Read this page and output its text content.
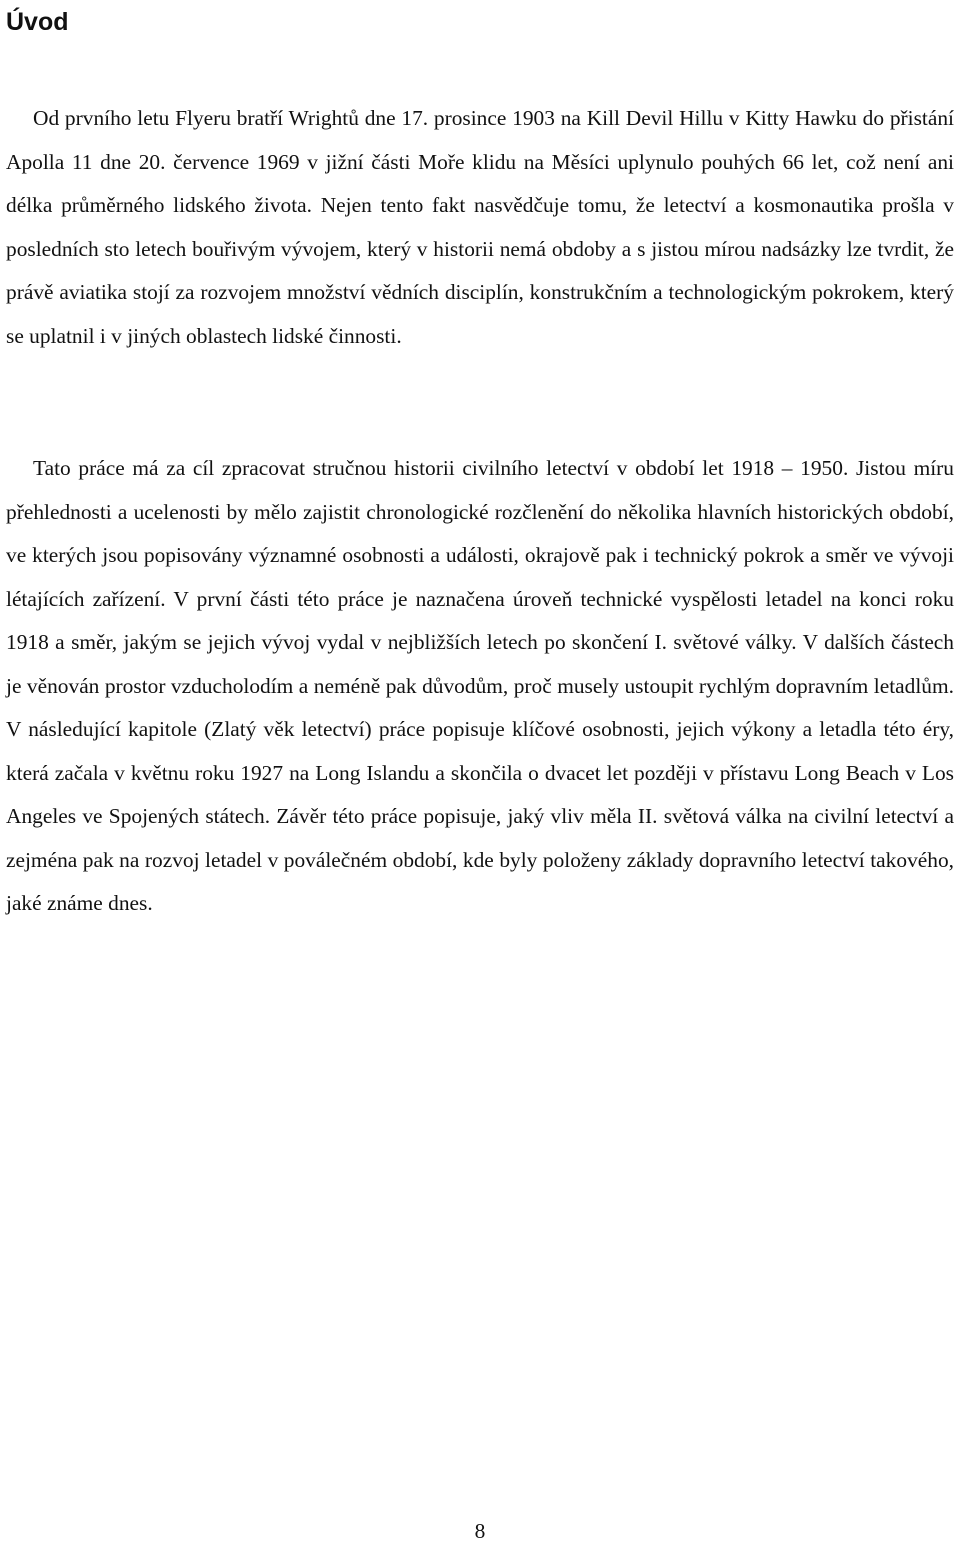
Úvod

Od prvního letu Flyeru bratří Wrightů dne 17. prosince 1903 na Kill Devil Hillu v Kitty Hawku do přistání Apolla 11 dne 20. července 1969 v jižní části Moře klidu na Měsíci uplynulo pouhých 66 let, což není ani délka průměrného lidského života. Nejen tento fakt nasvědčuje tomu, že letectví a kosmonautika prošla v posledních sto letech bouřivým vývojem, který v historii nemá obdoby a s jistou mírou nadsázky lze tvrdit, že právě aviatika stojí za rozvojem množství vědních disciplín, konstrukčním a technologickým pokrokem, který se uplatnil i v jiných oblastech lidské činnosti.

Tato práce má za cíl zpracovat stručnou historii civilního letectví v období let 1918 – 1950. Jistou míru přehlednosti a ucelenosti by mělo zajistit chronologické rozčlenění do několika hlavních historických období, ve kterých jsou popisovány významné osobnosti a události, okrajově pak i technický pokrok a směr ve vývoji létajících zařízení. V první části této práce je naznačena úroveň technické vyspělosti letadel na konci roku 1918 a směr, jakým se jejich vývoj vydal v nejbližších letech po skončení I. světové války. V dalších částech je věnován prostor vzducholodím a neméně pak důvodům, proč musely ustoupit rychlým dopravním letadlům. V následující kapitole (Zlatý věk letectví) práce popisuje klíčové osobnosti, jejich výkony a letadla této éry, která začala v květnu roku 1927 na Long Islandu a skončila o dvacet let později v přístavu Long Beach v Los Angeles ve Spojených státech. Závěr této práce popisuje, jaký vliv měla II. světová válka na civilní letectví a zejména pak na rozvoj letadel v poválečném období, kde byly položeny základy dopravního letectví takového, jaké známe dnes.

8
